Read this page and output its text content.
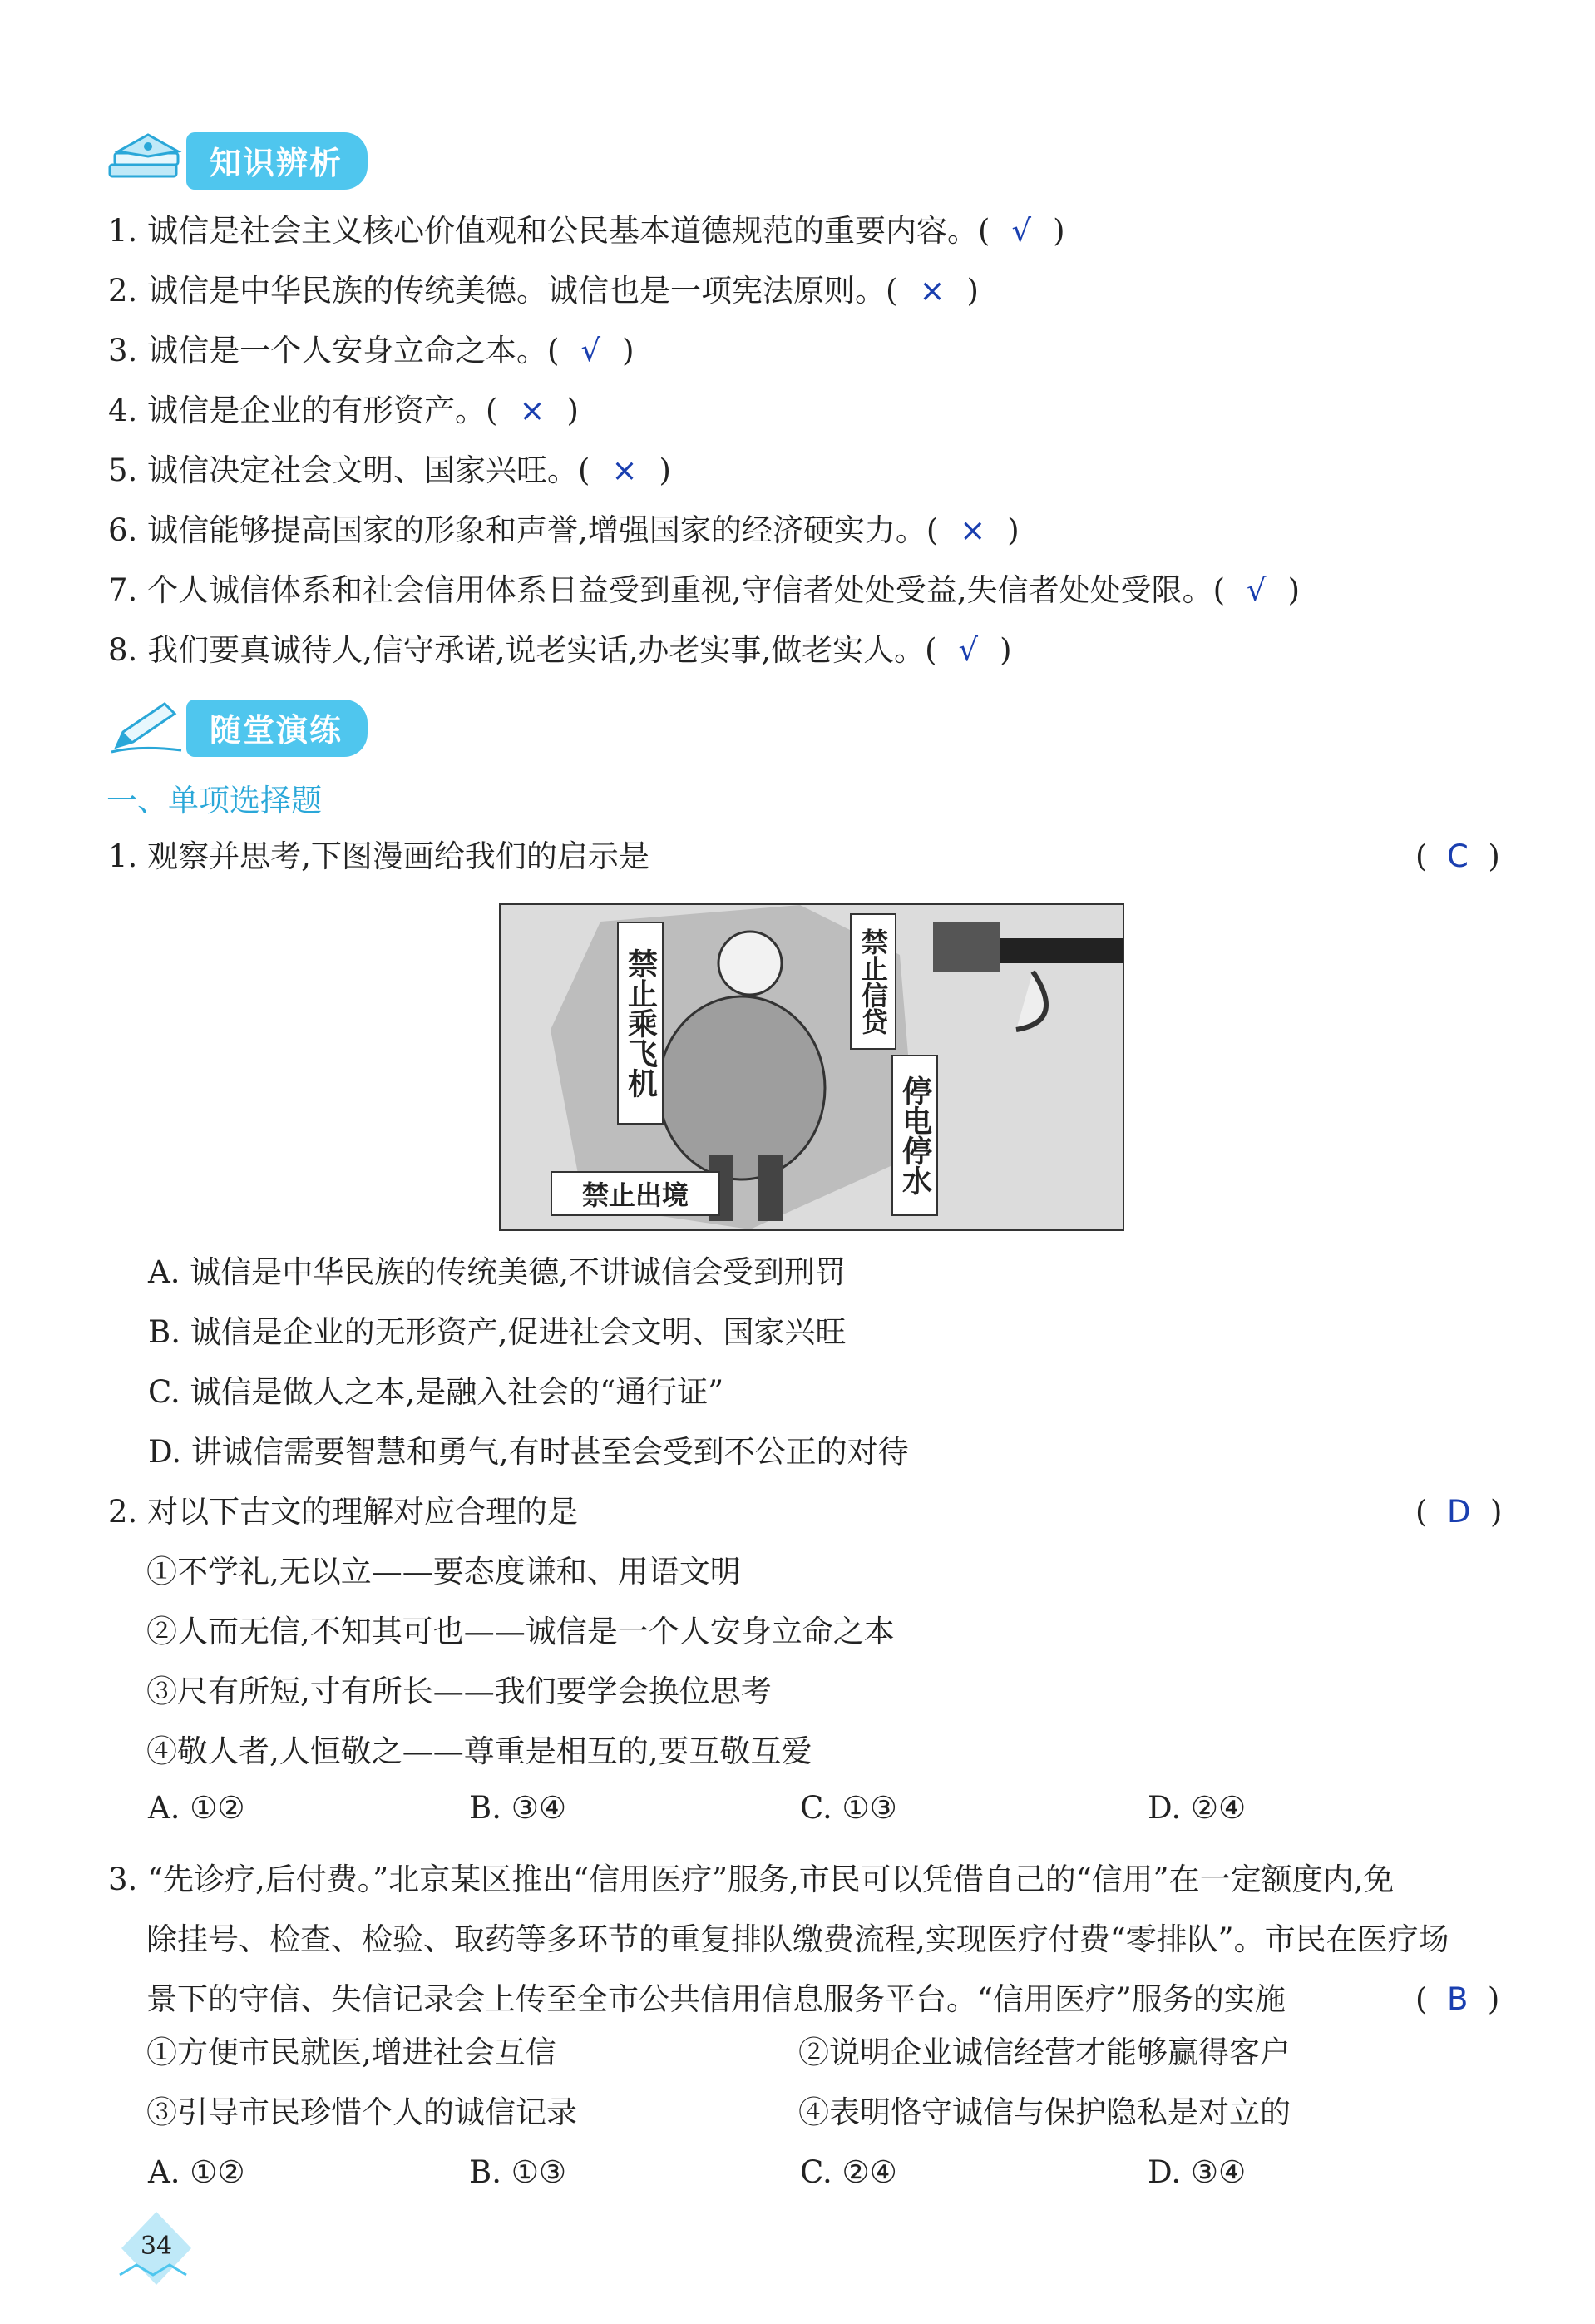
知识辨析
1. 诚信是社会主义核心价值观和公民基本道德规范的重要内容。( √ )
2. 诚信是中华民族的传统美德。诚信也是一项宪法原则。( × )
3. 诚信是一个人安身立命之本。( √ )
4. 诚信是企业的有形资产。( × )
5. 诚信决定社会文明、国家兴旺。( × )
6. 诚信能够提高国家的形象和声誉,增强国家的经济硬实力。( × )
7. 个人诚信体系和社会信用体系日益受到重视,守信者处处受益,失信者处处受限。( √ )
8. 我们要真诚待人,信守承诺,说老实话,办老实事,做老实人。( √ )
随堂演练
一、单项选择题
1. 观察并思考,下图漫画给我们的启示是	(  C  )
禁止乘飞机	禁止信贷
停电停水
禁止出境
A. 诚信是中华民族的传统美德,不讲诚信会受到刑罚
B. 诚信是企业的无形资产,促进社会文明、国家兴旺
C. 诚信是做人之本,是融入社会的“通行证”
D. 讲诚信需要智慧和勇气,有时甚至会受到不公正的对待
2. 对以下古文的理解对应合理的是	(  D  )
①不学礼,无以立——要态度谦和、用语文明
②人而无信,不知其可也——诚信是一个人安身立命之本
③尺有所短,寸有所长——我们要学会换位思考
④敬人者,人恒敬之——尊重是相互的,要互敬互爱
A. ①②	B. ③④	C. ①③	D. ②④
3. “先诊疗,后付费。”北京某区推出“信用医疗”服务,市民可以凭借自己的“信用”在一定额度内,免
除挂号、检查、检验、取药等多环节的重复排队缴费流程,实现医疗付费“零排队”。市民在医疗场
景下的守信、失信记录会上传至全市公共信用信息服务平台。“信用医疗”服务的实施	(  B  )
①方便市民就医,增进社会互信	②说明企业诚信经营才能够赢得客户
③引导市民珍惜个人的诚信记录	④表明恪守诚信与保护隐私是对立的
A. ①②	B. ①③	C. ②④	D. ③④
34
